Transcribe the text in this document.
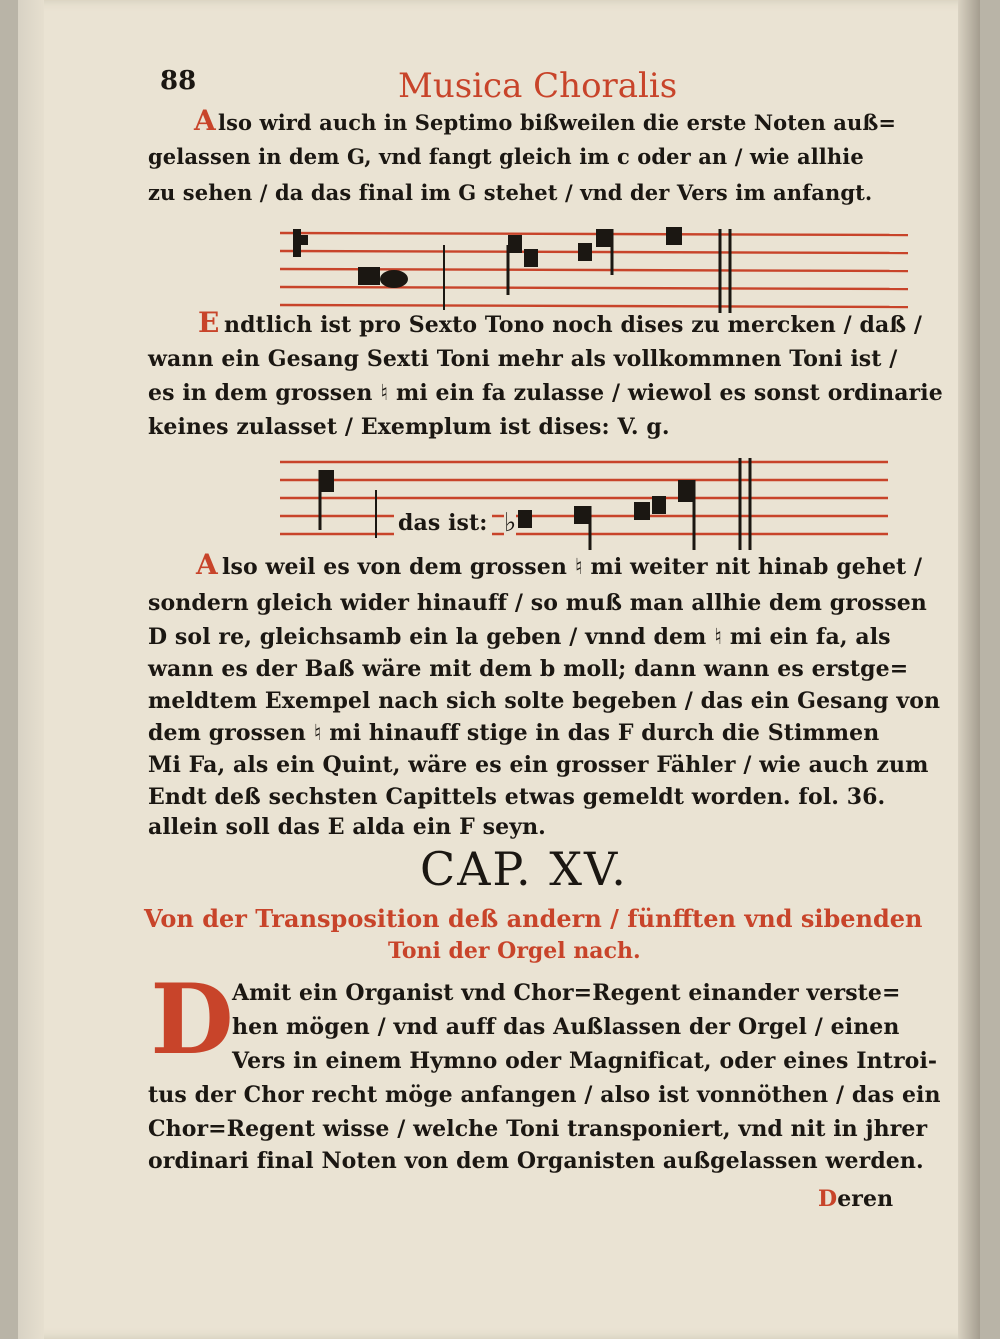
88	Musica Choralis
A lso wird auch in Septimo bißweilen die erste Noten auß=
gelassen in dem G, vnd fangt gleich im c oder an / wie allhie
zu sehen / da das final im G stehet / vnd der Vers im anfangt.
E ndtlich ist pro Sexto Tono noch dises zu mercken / daß /
wann ein Gesang Sexti Toni mehr als vollkommnen Toni ist /
es in dem grossen ♮ mi ein fa zulasse / wiewol es sonst ordinarie
keines zulasset / Exemplum ist dises: V. g.
das ist: ♭
A lso weil es von dem grossen ♮ mi weiter nit hinab gehet /
sondern gleich wider hinauff / so muß man allhie dem grossen
D sol re, gleichsamb ein la geben / vnnd dem ♮ mi ein fa, als
wann es der Baß wäre mit dem b moll; dann wann es erstge=
meldtem Exempel nach sich solte begeben / das ein Gesang von
dem grossen ♮ mi hinauff stige in das F durch die Stimmen
Mi Fa, als ein Quint, wäre es ein grosser Fähler / wie auch zum
Endt deß sechsten Capittels etwas gemeldt worden. fol. 36.
allein soll das E alda ein F seyn.
CAP. XV.
Von der Transposition deß andern / fünfften vnd sibenden
Toni der Orgel nach.
D
Amit ein Organist vnd Chor=Regent einander verste=
hen mögen / vnd auff das Außlassen der Orgel / einen
Vers in einem Hymno oder Magnificat, oder eines Introi-
tus der Chor recht möge anfangen / also ist vonnöthen / das ein
Chor=Regent wisse / welche Toni transponiert, vnd nit in jhrer
ordinari final Noten von dem Organisten außgelassen werden.
Deren
